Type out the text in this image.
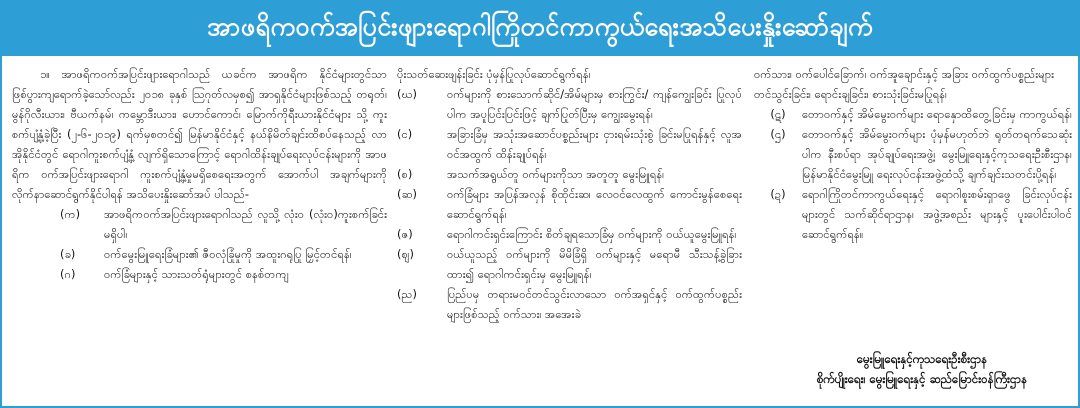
အာဖရိကဝက်အပြင်းဖျားရောဂါကြိုတင်ကာကွယ်ရေးအသိပေးနှိုးဆော်ချက်

၁။ အာဖရိကဝက်အပြင်းဖျားရောဂါသည် ယခင်က အာဖရိက နိုင်ငံများတွင်သာ ဖြစ်ပွားကျရောက်ခဲ့သော်လည်း ၂၀၁၈ ခုနှစ် ဩဂုတ်လမှစ၍ အာရှနိုင်ငံများဖြစ်သည့် တရုတ်၊ မွန်ဂိုလီးယား၊ ဗီယက်နမ်၊ ကမ္ဘောဒီးယား၊ ဟောင်ကောင်၊ မြောက်ကိုရီးယားနိုင်ငံများ သို့ ကူးစက်ပျံ့နှံ့ခဲ့ပြီး (၂-၆-၂၀၁၉) ရက်မှစတင်၍ မြန်မာနိုင်ငံနှင့် နယ်နိမိတ်ချင်းထိစပ်နေသည့် လာအိုနိုင်ငံတွင် ရောဂါကူးစက်ပျံ့နှံ့ လျက်ရှိသောကြောင့် ရောဂါထိန်းချုပ်ရေးလုပ်ငန်းများကို အာဖရိက ဝက်အပြင်းဖျားရောဂါ ကူးစက်ပျံ့နှံ့မှုမရှိစေရေးအတွက် အောက်ပါ အချက်များကို လိုက်နာဆောင်ရွက်နိုင်ပါရန် အသိပေးနှိုးဆော်အပ် ပါသည်-

(က)	အာဖရိကဝက်အပြင်းဖျားရောဂါသည် လူသို့ လုံးဝ (လုံးဝ)ကူးစက်ခြင်းမရှိပါ၊
(ခ)	ဝက်မွေးမြူရေးခြံများ၏ ဇီဝလုံခြုံမှုကို အထူးဂရုပြု မြှင့်တင်ရန်၊
(ဂ)	ဝက်ခြံများနှင့် သားသတ်ရုံများတွင် စနစ်တကျ

ပိုးသတ်ဆေးဖျန်းခြင်း ပုံမှန်ပြုလုပ်ဆောင်ရွက်ရန်၊

(ဃ)	ဝက်များကို စားသောက်ဆိုင်/အိမ်များမှ စားကြွင်း/ ကျန်ကျွေးခြင်း ပြုလုပ်ပါက အပူပြင်းပြင်းဖြင့် ချက်ပြုတ်ပြီးမှ ကျွေးမွေးရန်၊
(င)	အခြားခြံမှ အသုံးအဆောင်ပစ္စည်းများ ငှားရမ်းသုံးစွဲ ခြင်းမပြုရန်နှင့် လူအဝင်အထွက် ထိန်းချုပ်ရန်၊
(စ)	အသက်အရွယ်တူ ဝက်များကိုသာ အတူတူ မွေးမြူရန်၊
(ဆ)	ဝက်ခြံများ အပြန်အလှန် စိုထိုင်းဆ၊ လေဝင်လေထွက် ကောင်းမွန်စေရေး ဆောင်ရွက်ရန်၊
(ဇ)	ရောဂါကင်းရှင်းကြောင်း စိတ်ချရသောခြံမှ ဝက်များကို ဝယ်ယူမွေးမြူရန်၊
(ဈ)	ဝယ်ယူသည့် ဝက်များကို မိမိခြံရှိ ဝက်များနှင့် မရောမီ သီးသန့်ခွဲခြားထား၍ ရောဂါကင်းရှင်းမှ မွေးမြူရန်၊
(ည)	ပြည်ပမှ တရားမဝင်တင်သွင်းလာသော ဝက်အရှင်နှင့် ဝက်ထွက်ပစ္စည်းများဖြစ်သည့် ဝက်သား၊ အအေးခဲ

ဝက်သား၊ ဝက်ပေါင်ခြောက်၊ ဝက်အူချောင်းနှင့် အခြား ဝက်ထွက်ပစ္စည်းများ တင်သွင်းခြင်း၊ ရောင်းချခြင်း၊ စားသုံးခြင်းမပြုရန်၊

(ဋ)	တောဝက်နှင့် အိမ်မွေးဝက်များ ရောနှောထိတွေ့ခြင်းမှ ကာကွယ်ရန်၊
(ဌ)	တောဝက်နှင့် အိမ်မွေးဝက်များ ပုံမှန်မဟုတ်ဘဲ ရုတ်တရက်သေဆုံးပါက နီးစပ်ရာ အုပ်ချုပ်ရေးအဖွဲ့၊ မွေးမြူရေးနှင့်ကုသရေးဦးစီးဌာန၊ မြန်မာနိုင်ငံမွေးမြူ ရေးလုပ်ငန်းအဖွဲ့ထံသို့ ချက်ချင်းသတင်းပို့ရန်၊
(ဍ)	ရောဂါကြိုတင်ကာကွယ်ရေးနှင့် ရောဂါစူးစမ်းရှာဖွေ ခြင်းလုပ်ငန်းများတွင် သက်ဆိုင်ရာဌာန၊ အဖွဲ့အစည်း များနှင့် ပူးပေါင်းပါဝင်ဆောင်ရွက်ရန်။
မွေးမြူရေးနှင့်ကုသရေးဦးစီးဌာန
စိုက်ပျိုးရေး၊ မွေးမြူရေးနှင့် ဆည်မြောင်းဝန်ကြီးဌာန
